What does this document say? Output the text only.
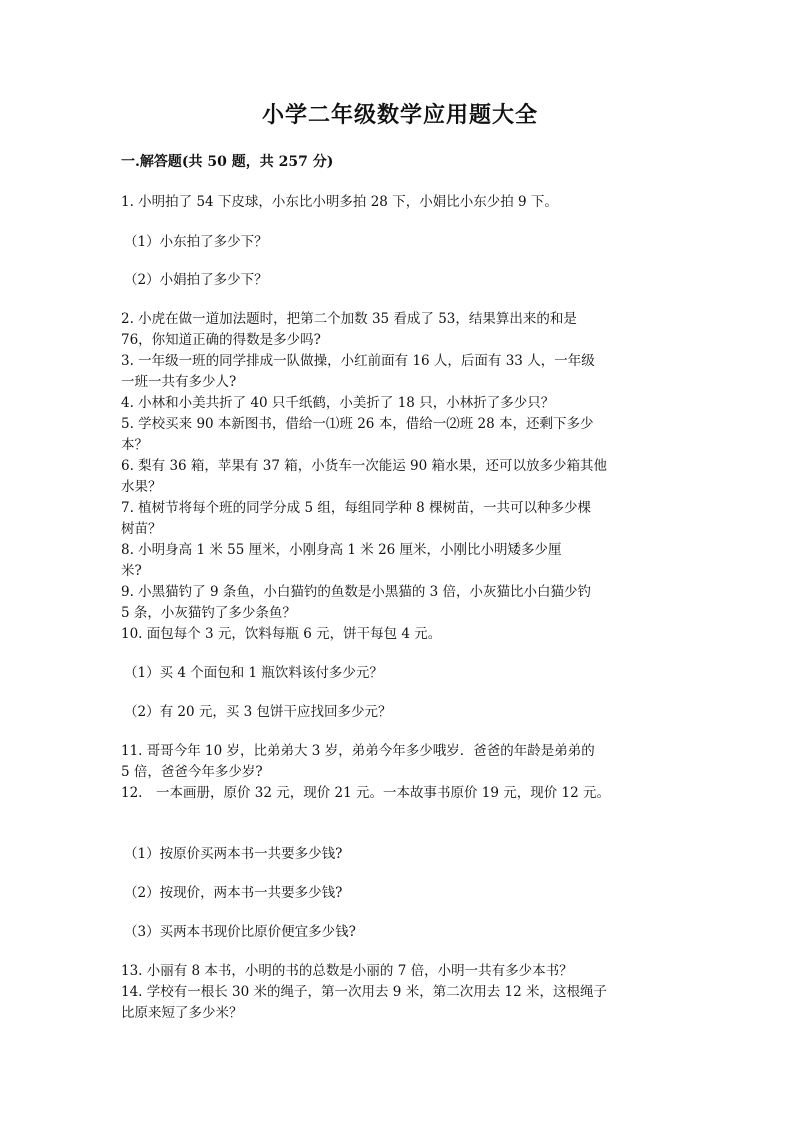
小学二年级数学应用题大全
一.解答题(共 50 题，共 257 分)
1. 小明拍了 54 下皮球，小东比小明多拍 28 下，小娟比小东少拍 9 下。
（1）小东拍了多少下？
（2）小娟拍了多少下？
2. 小虎在做一道加法题时，把第二个加数 35 看成了 53，结果算出来的和是
76，你知道正确的得数是多少吗?
3. 一年级一班的同学排成一队做操，小红前面有 16 人，后面有 33 人，一年级
一班一共有多少人?
4. 小林和小美共折了 40 只千纸鹤，小美折了 18 只，小林折了多少只？
5. 学校买来 90 本新图书，借给一⑴班 26 本，借给一⑵班 28 本，还剩下多少
本？
6. 梨有 36 箱，苹果有 37 箱，小货车一次能运 90 箱水果，还可以放多少箱其他
水果？
7. 植树节将每个班的同学分成 5 组，每组同学种 8 棵树苗，一共可以种多少棵
树苗？
8. 小明身高 1 米 55 厘米，小刚身高 1 米 26 厘米，小刚比小明矮多少厘
米?
9. 小黑猫钓了 9 条鱼，小白猫钓的鱼数是小黑猫的 3 倍，小灰猫比小白猫少钓
5 条，小灰猫钓了多少条鱼？
10. 面包每个 3 元，饮料每瓶 6 元，饼干每包 4 元。
（1）买 4 个面包和 1 瓶饮料该付多少元？
（2）有 20 元，买 3 包饼干应找回多少元？
11. 哥哥今年 10 岁，比弟弟大 3 岁，弟弟今年多少哦岁．爸爸的年龄是弟弟的
5 倍，爸爸今年多少岁?
12.　一本画册，原价 32 元，现价 21 元。一本故事书原价 19 元，现价 12 元。
（1）按原价买两本书一共要多少钱?
（2）按现价，两本书一共要多少钱?
（3）买两本书现价比原价便宜多少钱?
13. 小丽有 8 本书，小明的书的总数是小丽的 7 倍，小明一共有多少本书？
14. 学校有一根长 30 米的绳子，第一次用去 9 米，第二次用去 12 米，这根绳子
比原来短了多少米？
